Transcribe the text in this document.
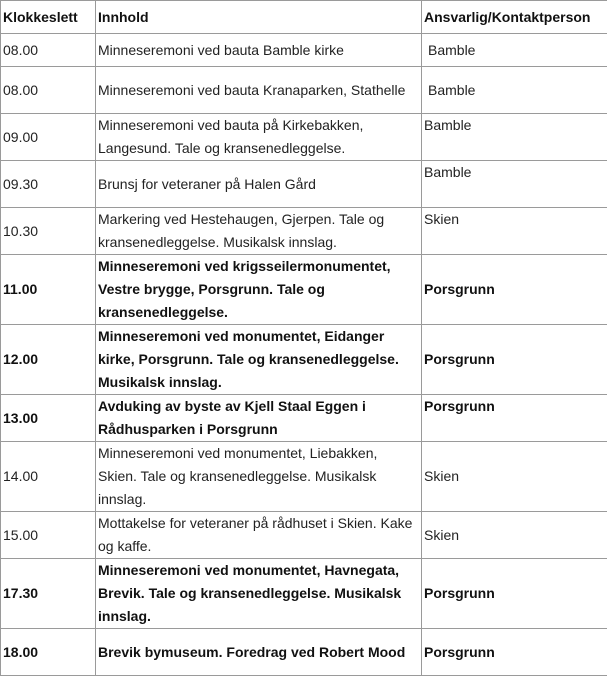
Klokkeslett	Innhold	Ansvarlig/Kontaktperson
08.00	Minneseremoni ved bauta Bamble kirke	Bamble
08.00	Minneseremoni ved bauta Kranaparken, Stathelle	Bamble
09.00	Minneseremoni ved bauta på Kirkebakken, Langesund. Tale og kransenedleggelse.	Bamble
09.30	Brunsj for veteraner på Halen Gård	Bamble
10.30	Markering ved Hestehaugen, Gjerpen. Tale og kransenedleggelse. Musikalsk innslag.	Skien
11.00	Minneseremoni ved krigsseilermonumentet, Vestre brygge, Porsgrunn. Tale og kransenedleggelse.	Porsgrunn
12.00	Minneseremoni ved monumentet, Eidanger kirke, Porsgrunn. Tale og kransenedleggelse. Musikalsk innslag.	Porsgrunn
13.00	Avduking av byste av Kjell Staal Eggen i Rådhusparken i Porsgrunn	Porsgrunn
14.00	Minneseremoni ved monumentet, Liebakken, Skien. Tale og kransenedleggelse. Musikalsk innslag.	Skien
15.00	Mottakelse for veteraner på rådhuset i Skien. Kake og kaffe.	Skien
17.30	Minneseremoni ved monumentet, Havnegata, Brevik. Tale og kransenedleggelse. Musikalsk innslag.	Porsgrunn
18.00	Brevik bymuseum. Foredrag ved Robert Mood	Porsgrunn
